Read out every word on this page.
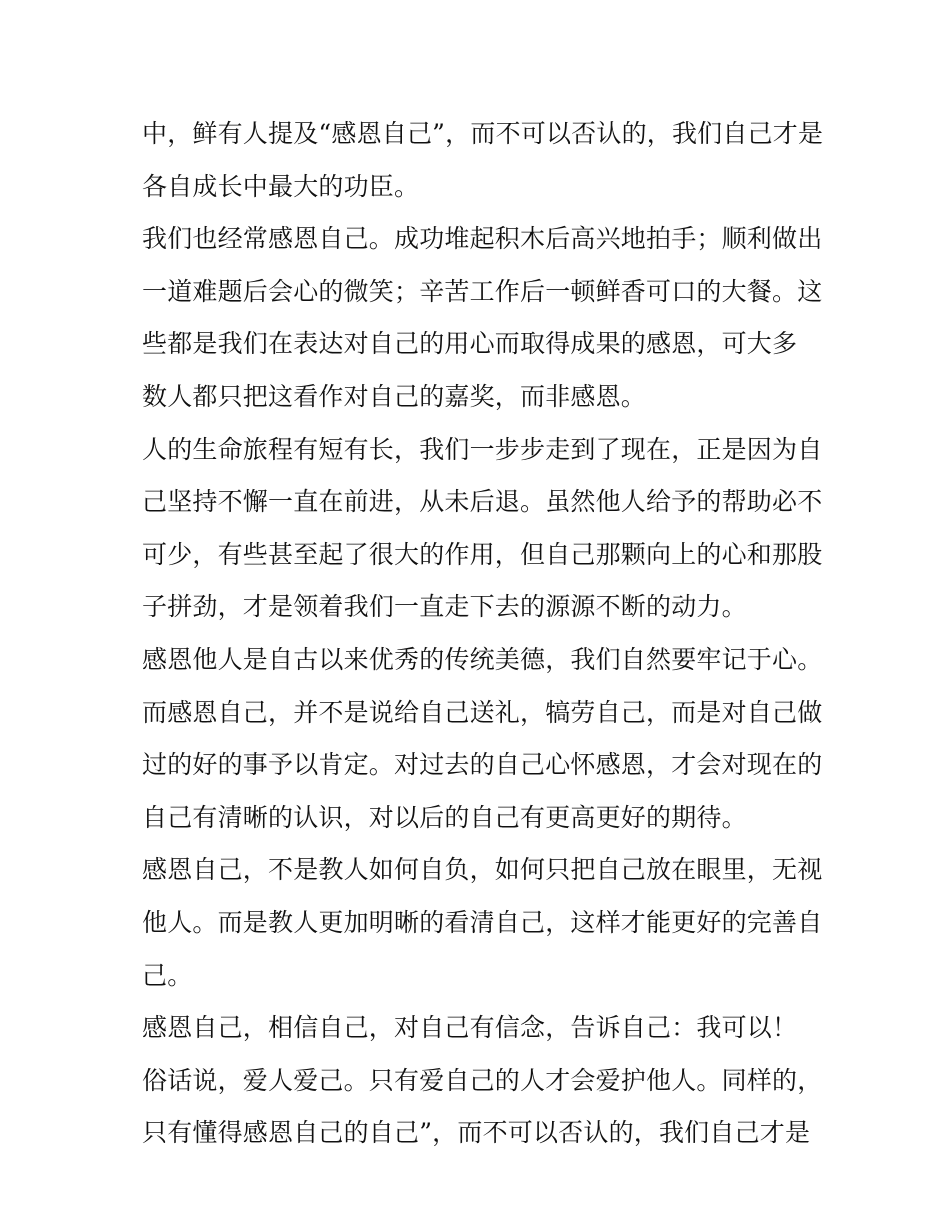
中，鲜有人提及“感恩自己”，而不可以否认的，我们自己才是
各自成长中最大的功臣。
我们也经常感恩自己。成功堆起积木后高兴地拍手；顺利做出
一道难题后会心的微笑；辛苦工作后一顿鲜香可口的大餐。这
些都是我们在表达对自己的用心而取得成果的感恩，可大多
数人都只把这看作对自己的嘉奖，而非感恩。
人的生命旅程有短有长，我们一步步走到了现在，正是因为自
己坚持不懈一直在前进，从未后退。虽然他人给予的帮助必不
可少，有些甚至起了很大的作用，但自己那颗向上的心和那股
子拼劲，才是领着我们一直走下去的源源不断的动力。
感恩他人是自古以来优秀的传统美德，我们自然要牢记于心。
而感恩自己，并不是说给自己送礼，犒劳自己，而是对自己做
过的好的事予以肯定。对过去的自己心怀感恩，才会对现在的
自己有清晰的认识，对以后的自己有更高更好的期待。
感恩自己，不是教人如何自负，如何只把自己放在眼里，无视
他人。而是教人更加明晰的看清自己，这样才能更好的完善自
己。
感恩自己，相信自己，对自己有信念，告诉自己：我可以！
俗话说，爱人爱己。只有爱自己的人才会爱护他人。同样的，
只有懂得感恩自己的自己”，而不可以否认的，我们自己才是
